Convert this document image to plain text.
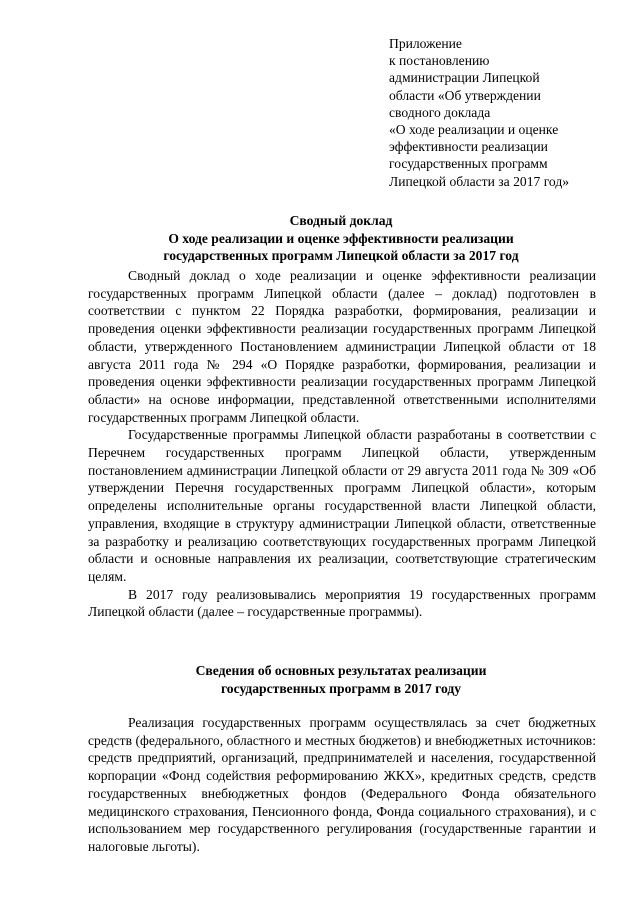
Приложение
к постановлению
администрации Липецкой
области «Об утверждении
сводного доклада
«О ходе реализации и оценке
эффективности реализации
государственных программ
Липецкой области за 2017 год»
Сводный доклад
О ходе реализации и оценке эффективности реализации
государственных программ Липецкой области за 2017 год

Сводный доклад о ходе реализации и оценке эффективности реализации государственных программ Липецкой области (далее – доклад) подготовлен в соответствии с пунктом 22 Порядка разработки, формирования, реализации и проведения оценки эффективности реализации государственных программ Липецкой области, утвержденного Постановлением администрации Липецкой области от 18 августа 2011 года № 294 «О Порядке разработки, формирования, реализации и проведения оценки эффективности реализации государственных программ Липецкой области» на основе информации, представленной ответственными исполнителями государственных программ Липецкой области.

Государственные программы Липецкой области разработаны в соответствии с Перечнем государственных программ Липецкой области, утвержденным постановлением администрации Липецкой области от 29 августа 2011 года № 309 «Об утверждении Перечня государственных программ Липецкой области», которым определены исполнительные органы государственной власти Липецкой области, управления, входящие в структуру администрации Липецкой области, ответственные за разработку и реализацию соответствующих государственных программ Липецкой области и основные направления их реализации, соответствующие стратегическим целям.

В 2017 году реализовывались мероприятия 19 государственных программ Липецкой области (далее – государственные программы).

Сведения об основных результатах реализации
государственных программ в 2017 году

Реализация государственных программ осуществлялась за счет бюджетных средств (федерального, областного и местных бюджетов) и внебюджетных источников: средств предприятий, организаций, предпринимателей и населения, государственной корпорации «Фонд содействия реформированию ЖКХ», кредитных средств, средств государственных внебюджетных фондов (Федерального Фонда обязательного медицинского страхования, Пенсионного фонда, Фонда социального страхования), и с использованием мер государственного регулирования (государственные гарантии и налоговые льготы).
